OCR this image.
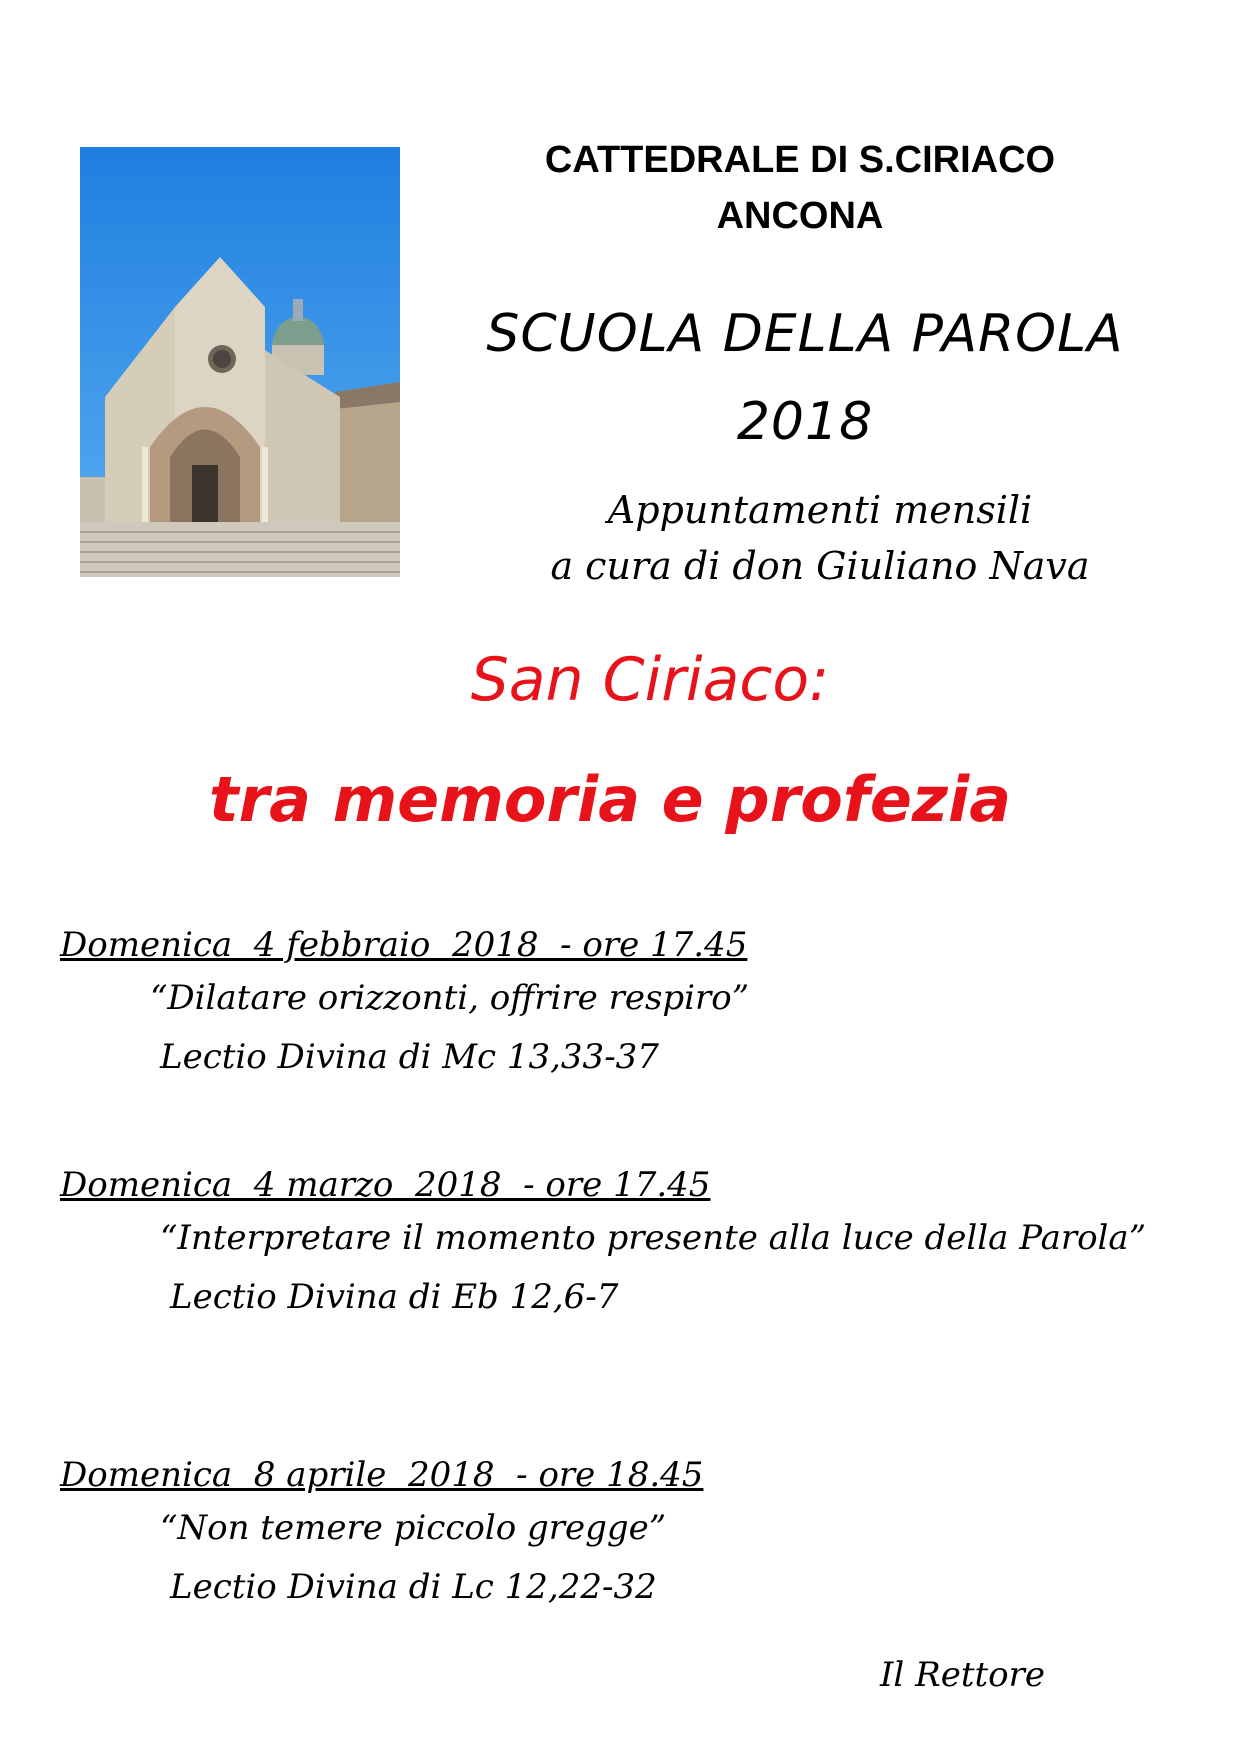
CATTEDRALE DI S.CIRIACO
ANCONA
SCUOLA DELLA PAROLA
2018
Appuntamenti mensili
a cura di don Giuliano Nava
San Ciriaco:
tra memoria e profezia
Domenica  4 febbraio  2018  - ore 17.45
“Dilatare orizzonti, offrire respiro”
Lectio Divina di Mc 13,33-37
Domenica  4 marzo  2018  - ore 17.45
“Interpretare il momento presente alla luce della Parola”
Lectio Divina di Eb 12,6-7
Domenica  8 aprile  2018  - ore 18.45
“Non temere piccolo gregge”
Lectio Divina di Lc 12,22-32
Il Rettore
